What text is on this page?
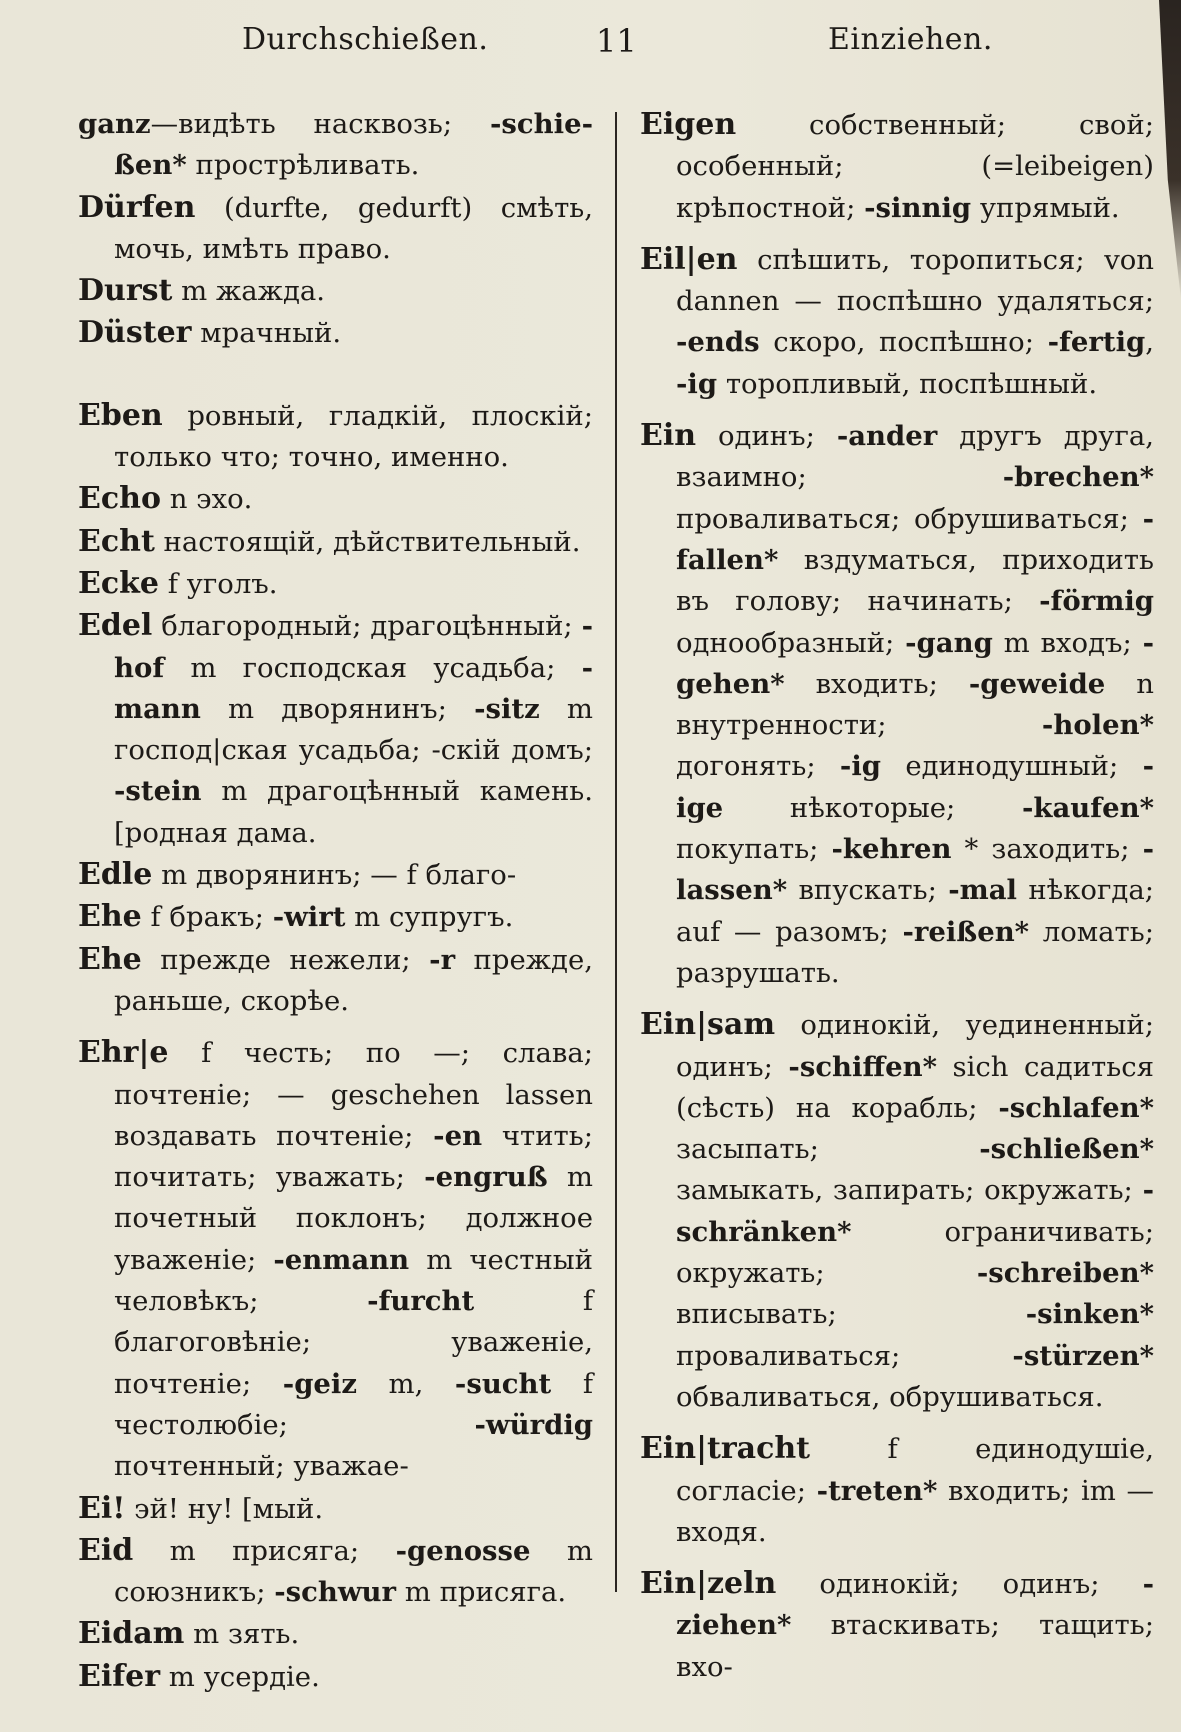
Durchschießen.	11	Einziehen.

ganz—видѣть насквозь; -schie- ßen* прострѣливать.

Dürfen (durfte, gedurft) смѣть, мочь, имѣть право.

Durst m жажда.

Düster мрачный.

Eben ровный, гладкій, плоскій; только что; точно, именно.

Echo n эхо.

Echt настоящій, дѣйствительный.

Ecke f уголъ.

Edel благородный; драгоцѣнный; -hof m господская усадьба; -mann m дворянинъ; -sitz m господ|ская усадьба; -скій домъ; -stein m драгоцѣнный камень. [родная дама.

Edle m дворянинъ; — f благо-

Ehe f бракъ; -wirt m супругъ.

Ehe прежде нежели; -r прежде, раньше, скорѣе.

Ehr|e f честь; по —; слава; почтеніе; — geschehen lassen воздавать почтеніе; -en чтить; почитать; уважать; -engruß m почетный поклонъ; должное уваженіе; -enmann m честный человѣкъ; -furcht f благоговѣніе; уваженіе, почтеніе; -geiz m, -sucht f честолюбіе; -würdig почтенный; уважае-

Ei! эй! ну! [мый.

Eid m присяга; -genosse m союзникъ; -schwur m присяга.

Eidam m зять.

Eifer m усердіе.

Eigen собственный; свой; особенный; (=leibeigen) крѣпостной; -sinnig упрямый.

Eil|en спѣшить, торопиться; von dannen — поспѣшно удаляться; -ends скоро, поспѣшно; -fertig, -ig торопливый, поспѣшный.

Ein одинъ; -ander другъ друга, взаимно; -brechen* проваливаться; обрушиваться; -fallen* вздуматься, приходить въ голову; начинать; -förmig однообразный; -gang m входъ; -gehen* входить; -geweide n внутренности; -holen* догонять; -ig единодушный; -ige нѣкоторые; -kaufen* покупать; -kehren * заходить; -lassen* впускать; -mal нѣкогда; auf — разомъ; -reißen* ломать; разрушать.

Ein|sam одинокій, уединенный; одинъ; -schiffen* sich садиться (сѣсть) на корабль; -schlafen* засыпать; -schließen* замыкать, запирать; окружать; -schränken* ограничивать; окружать; -schreiben* вписывать; -sinken* проваливаться; -stürzen* обваливаться, обрушиваться.

Ein|tracht f единодушіе, согласіе; -treten* входить; im — входя.

Ein|zeln одинокій; одинъ; -ziehen* втаскивать; тащить; вхо-
